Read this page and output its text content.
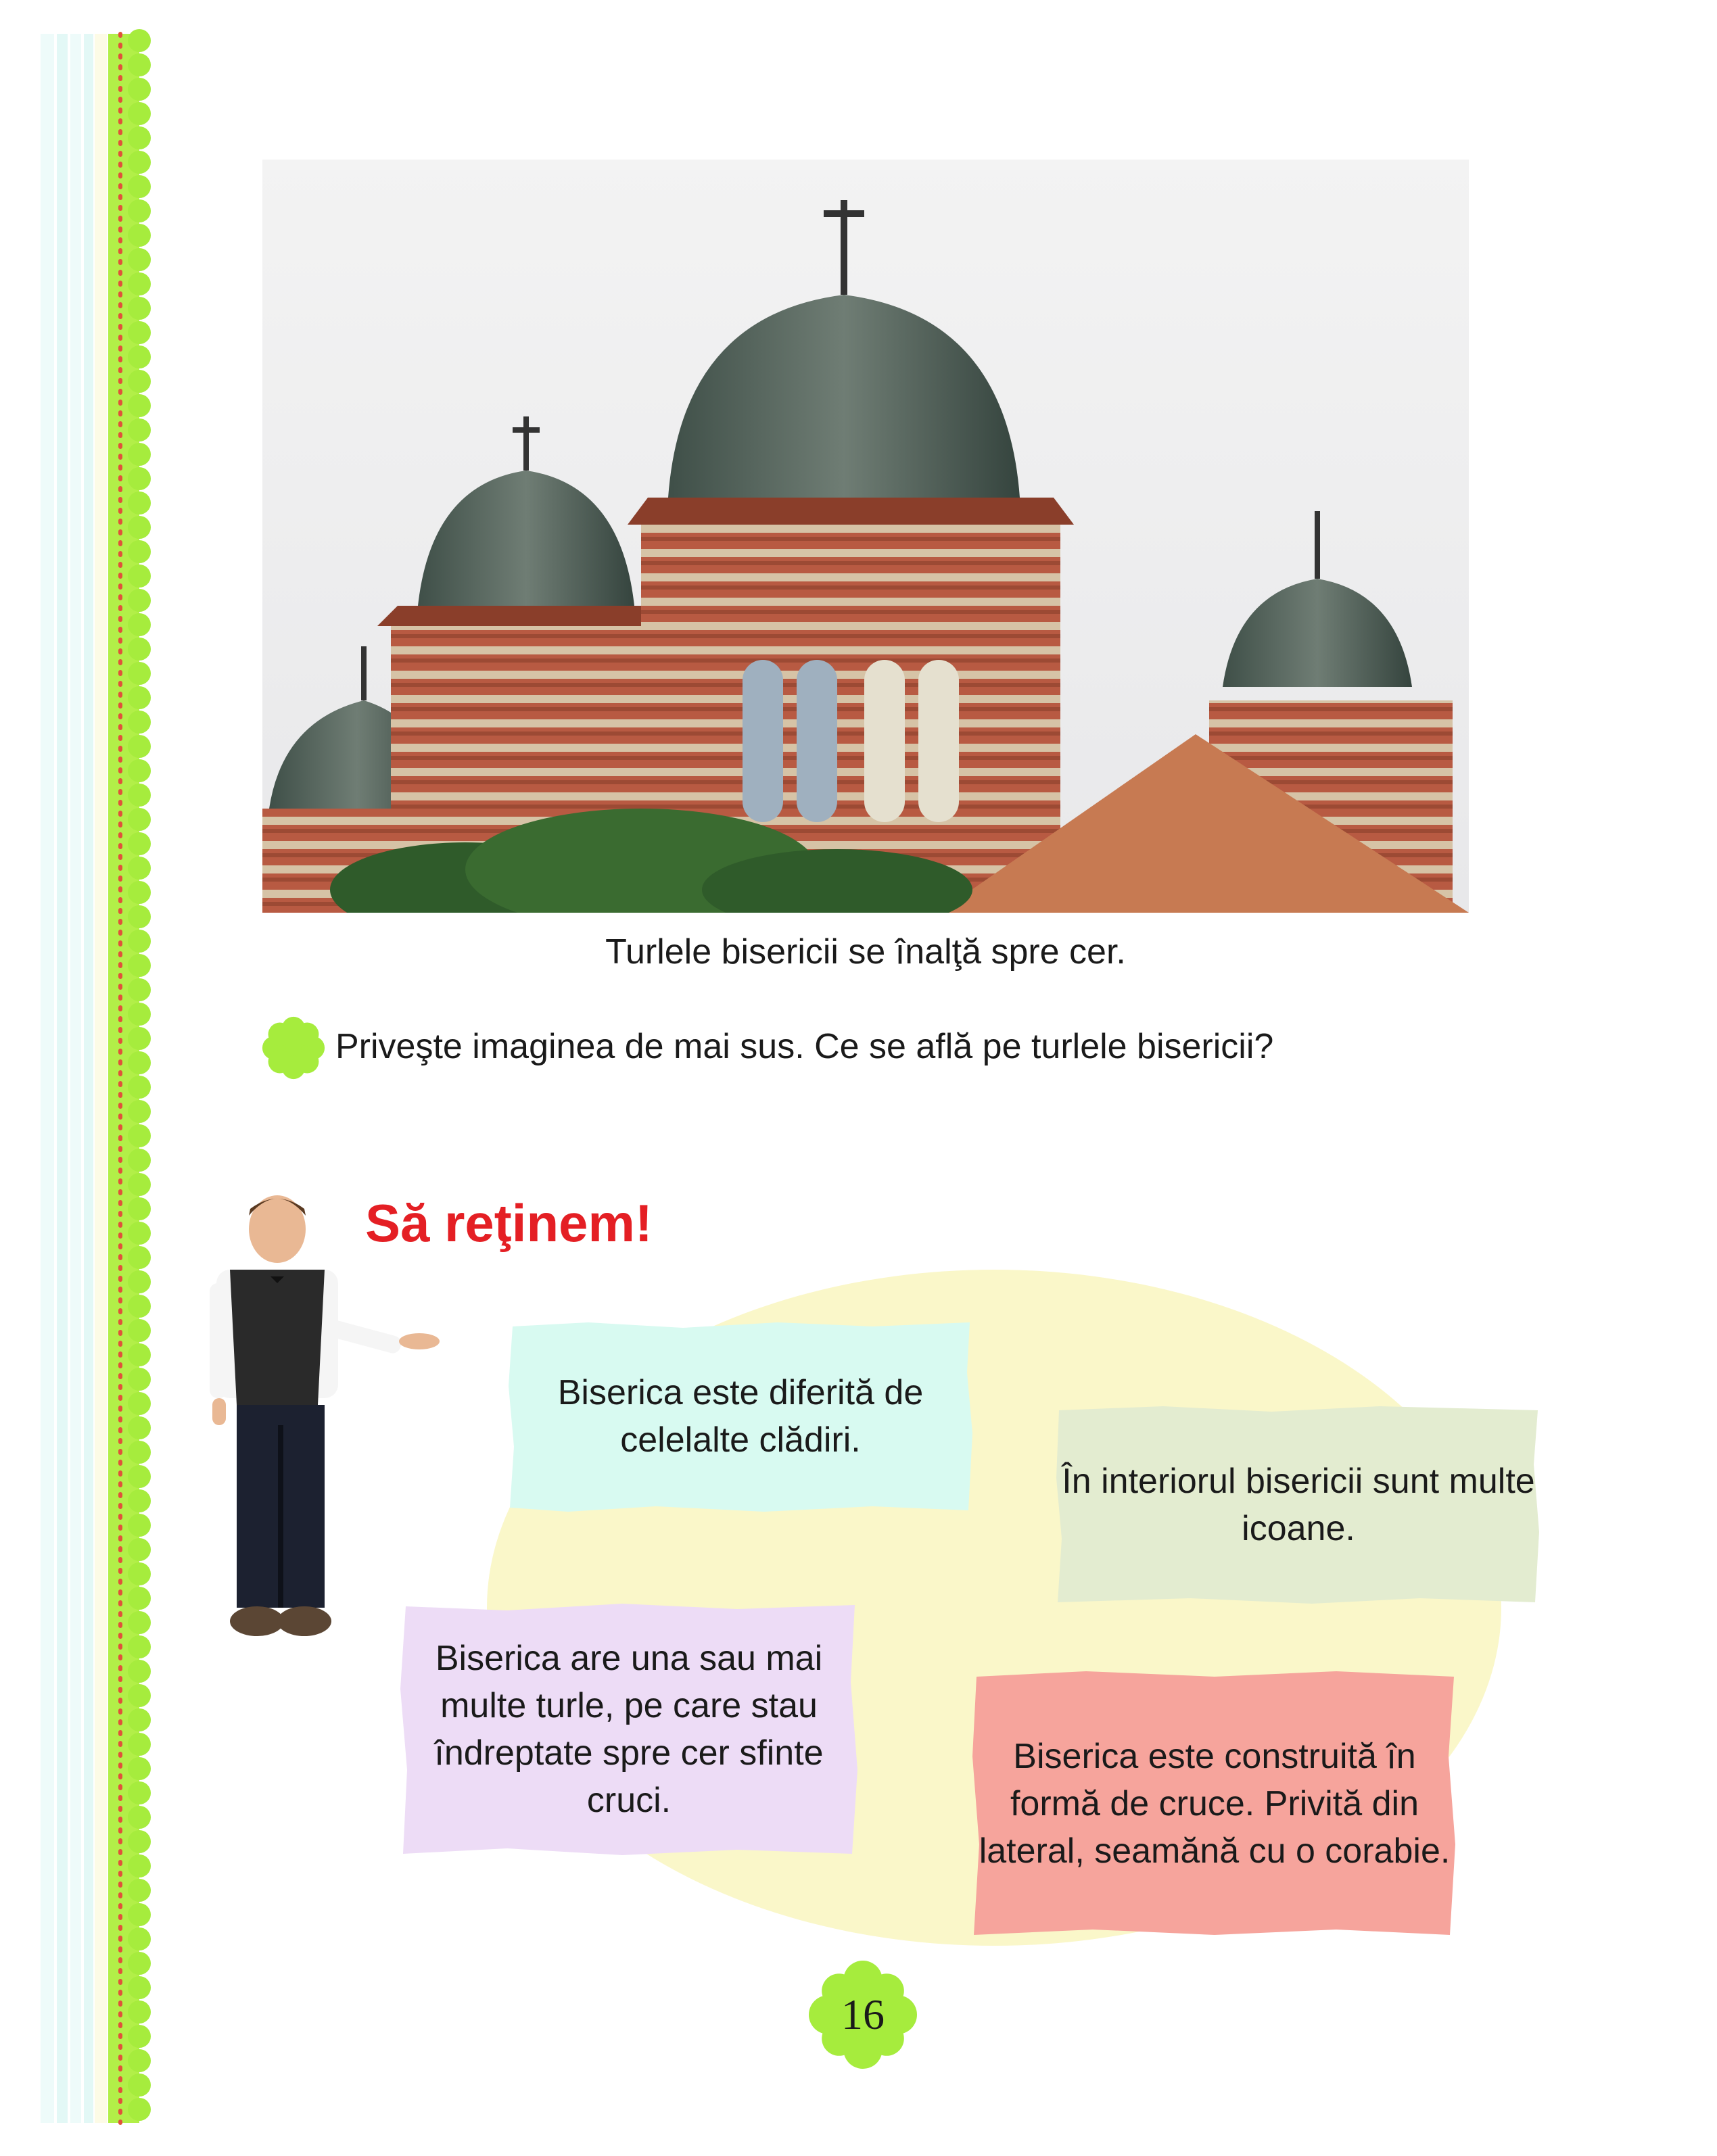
Turlele bisericii se înalţă spre cer.
Priveşte imaginea de mai sus. Ce se află pe turlele bisericii?
Să reţinem!
Biserica este diferită de celelalte clădiri.
În interiorul bisericii sunt multe icoane.
Biserica are una sau mai multe turle, pe care stau îndreptate spre cer sfinte cruci.
Biserica este construită în formă de cruce. Privită din lateral, seamănă cu o corabie.
16
